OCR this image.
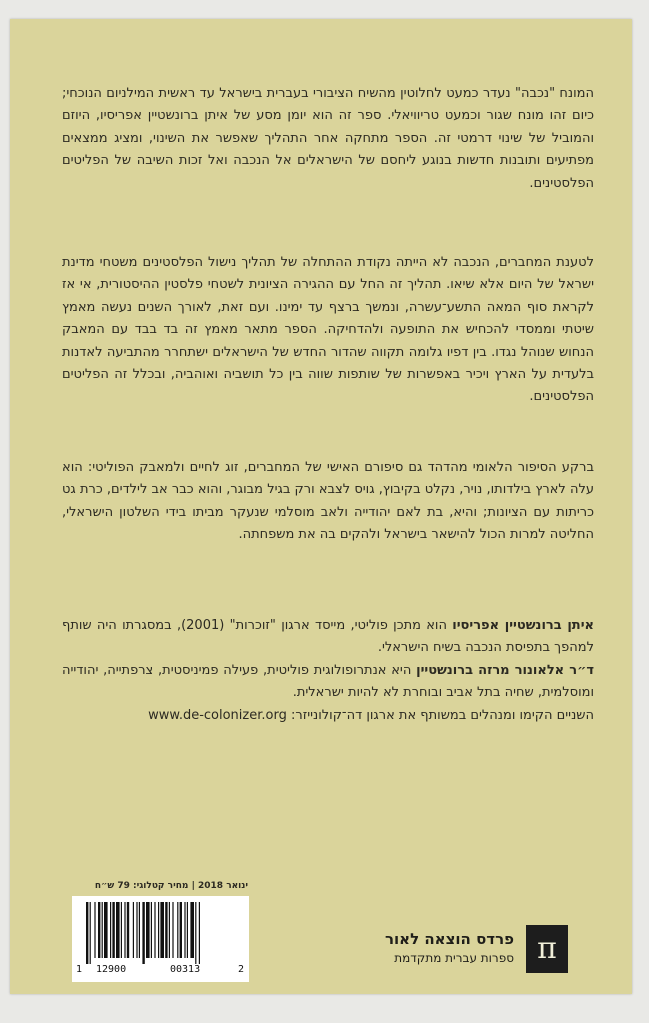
המונח "נכבה" נעדר כמעט לחלוטין מהשיח הציבורי בעברית בישראל עד ראשית המילניום הנוכחי; כיום זהו מונח שגור וכמעט טריוויאלי. ספר זה הוא יומן מסע של איתן ברונשטיין אפריסיו, היוזם והמוביל של שינוי דרמטי זה. הספר מתחקה אחר התהליך שאפשר את השינוי, ומציג ממצאים מפתיעים ותובנות חדשות בנוגע ליחסם של הישראלים אל הנכבה ואל זכות השיבה של הפליטים הפלסטינים.

לטענת המחברים, הנכבה לא הייתה נקודת ההתחלה של תהליך נישול הפלסטינים משטחי מדינת ישראל של היום אלא שיאו. תהליך זה החל עם ההגירה הציונית לשטחי פלסטין ההיסטורית, אי אז לקראת סוף המאה התשע־עשרה, ונמשך ברצף עד ימינו. ועם זאת, לאורך השנים נעשה מאמץ שיטתי וממסדי להכחיש את התופעה ולהדחיקה. הספר מתאר מאמץ זה בד בבד עם המאבק הנחוש שנוהל נגדו. בין דפיו גלומה תקווה שהדור החדש של הישראלים ישתחרר מהתביעה לאדנות בלעדית על הארץ ויכיר באפשרות של שותפות שווה בין כל תושביה ואוהביה, ובכלל זה הפליטים הפלסטינים.

ברקע הסיפור הלאומי מהדהד גם סיפורם האישי של המחברים, זוג לחיים ולמאבק הפוליטי: הוא עלה לארץ בילדותו, נויר, נקלט בקיבוץ, גויס לצבא ורק בגיל מבוגר, והוא כבר אב לילדים, כרת גט כריתות עם הציונות; והיא, בת לאם יהודייה ולאב מוסלמי שנעקר מביתו בידי השלטון הישראלי, החליטה למרות הכול להישאר בישראל ולהקים בה את משפחתה.

איתן ברונשטיין אפריסיו הוא מתכן פוליטי, מייסד ארגון "זוכרות" (2001), במסגרתו היה שותף למהפך בתפיסת הנכבה בשיח הישראלי.
ד״ר אלאונור מרזה ברונשטיין היא אנתרופולוגית פוליטית, פעילה פמיניסטית, צרפתייה, יהודייה ומוסלמית, שחיה בתל אביב ובוחרת לא להיות ישראלית.
השניים הקימו ומנהלים במשותף את ארגון דה־קולונייזר: www.de-colonizer.org
ינואר 2018 | מחיר קטלוגי: 79 ש״ח
1 12900	00313	2
π
פרדס הוצאה לאור
ספרות עברית מתקדמת
